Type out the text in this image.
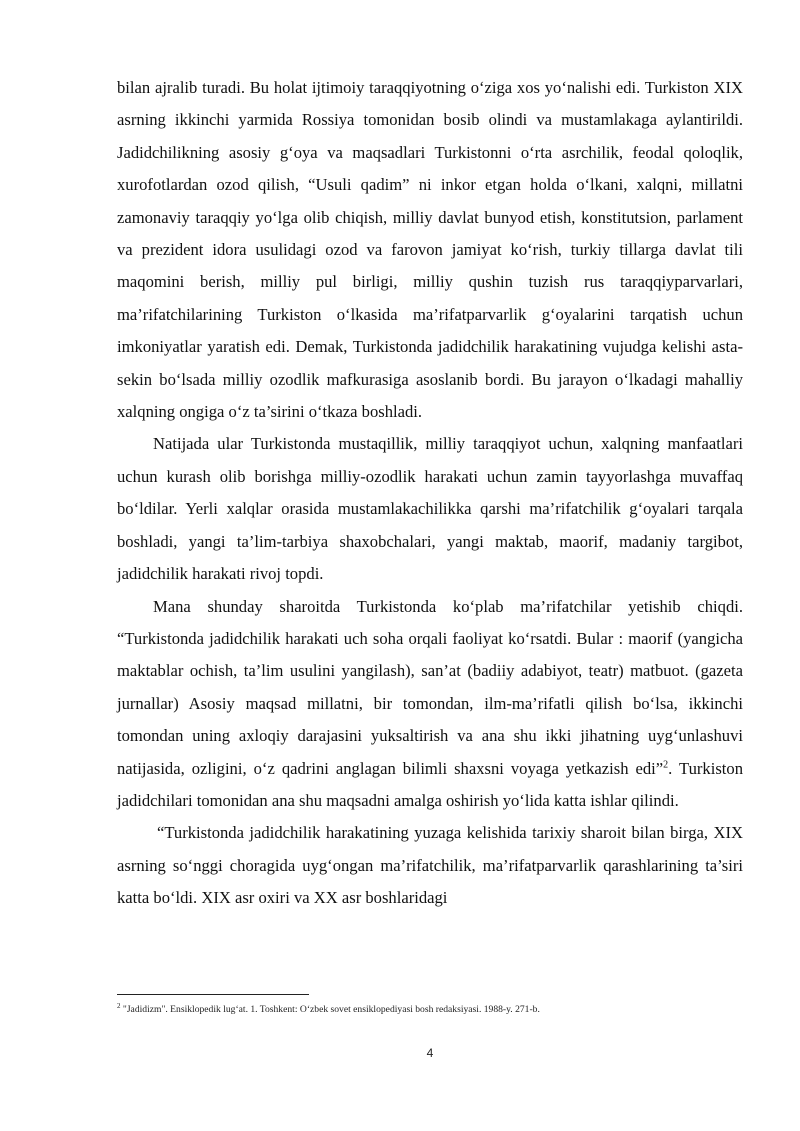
bilan ajralib turadi. Bu holat ijtimoiy taraqqiyotning o‘ziga xos yo‘nalishi edi. Turkiston XIX asrning ikkinchi yarmida Rossiya tomonidan bosib olindi va mustamlakaga aylantirildi. Jadidchilikning asosiy g‘oya va maqsadlari Turkistonni o‘rta asrchilik, feodal qoloqlik, xurofotlardan ozod qilish, “Usuli qadim” ni inkor etgan holda o‘lkani, xalqni, millatni zamonaviy taraqqiy yo‘lga olib chiqish, milliy davlat bunyod etish, konstitutsion, parlament va prezident idora usulidagi ozod va farovon jamiyat ko‘rish, turkiy tillarga davlat tili maqomini berish, milliy pul birligi, milliy qushin tuzish rus taraqqiyparvarlari, ma’rifatchilarining Turkiston o‘lkasida ma’rifatparvarlik g‘oyalarini tarqatish uchun imkoniyatlar yaratish edi. Demak, Turkistonda jadidchilik harakatining vujudga kelishi asta-sekin bo‘lsada milliy ozodlik mafkurasiga asoslanib bordi. Bu jarayon o‘lkadagi mahalliy xalqning ongiga o‘z ta’sirini o‘tkaza boshladi.

Natijada ular Turkistonda mustaqillik, milliy taraqqiyot uchun, xalqning manfaatlari uchun kurash olib borishga milliy-ozodlik harakati uchun zamin tayyorlashga muvaffaq bo‘ldilar. Yerli xalqlar orasida mustamlakachilikka qarshi ma’rifatchilik g‘oyalari tarqala boshladi, yangi ta’lim-tarbiya shaxobchalari, yangi maktab, maorif, madaniy targibot, jadidchilik harakati rivoj topdi.

Mana shunday sharoitda Turkistonda ko‘plab ma’rifatchilar yetishib chiqdi. “Turkistonda jadidchilik harakati uch soha orqali faoliyat ko‘rsatdi. Bular : maorif (yangicha maktablar ochish, ta’lim usulini yangilash), san’at (badiiy adabiyot, teatr) matbuot. (gazeta jurnallar) Asosiy maqsad millatni, bir tomondan, ilm-ma’rifatli qilish bo‘lsa, ikkinchi tomondan uning axloqiy darajasini yuksaltirish va ana shu ikki jihatning uyg‘unlashuvi natijasida, ozligini, o‘z qadrini anglagan bilimli shaxsni voyaga yetkazish edi”$^2$. Turkiston jadidchilari tomonidan ana shu maqsadni amalga oshirish yo‘lida katta ishlar qilindi.

“Turkistonda jadidchilik harakatining yuzaga kelishida tarixiy sharoit bilan birga, XIX asrning so‘nggi choragida uyg‘ongan ma’rifatchilik, ma’rifatparvarlik qarashlarining ta’siri katta bo‘ldi. XIX asr oxiri va XX asr boshlaridagi

$^2$ "Jadidizm". Ensiklopedik lug‘at. 1. Toshkent: O‘zbek sovet ensiklopediyasi bosh redaksiyasi. 1988-y. 271-b.
4
